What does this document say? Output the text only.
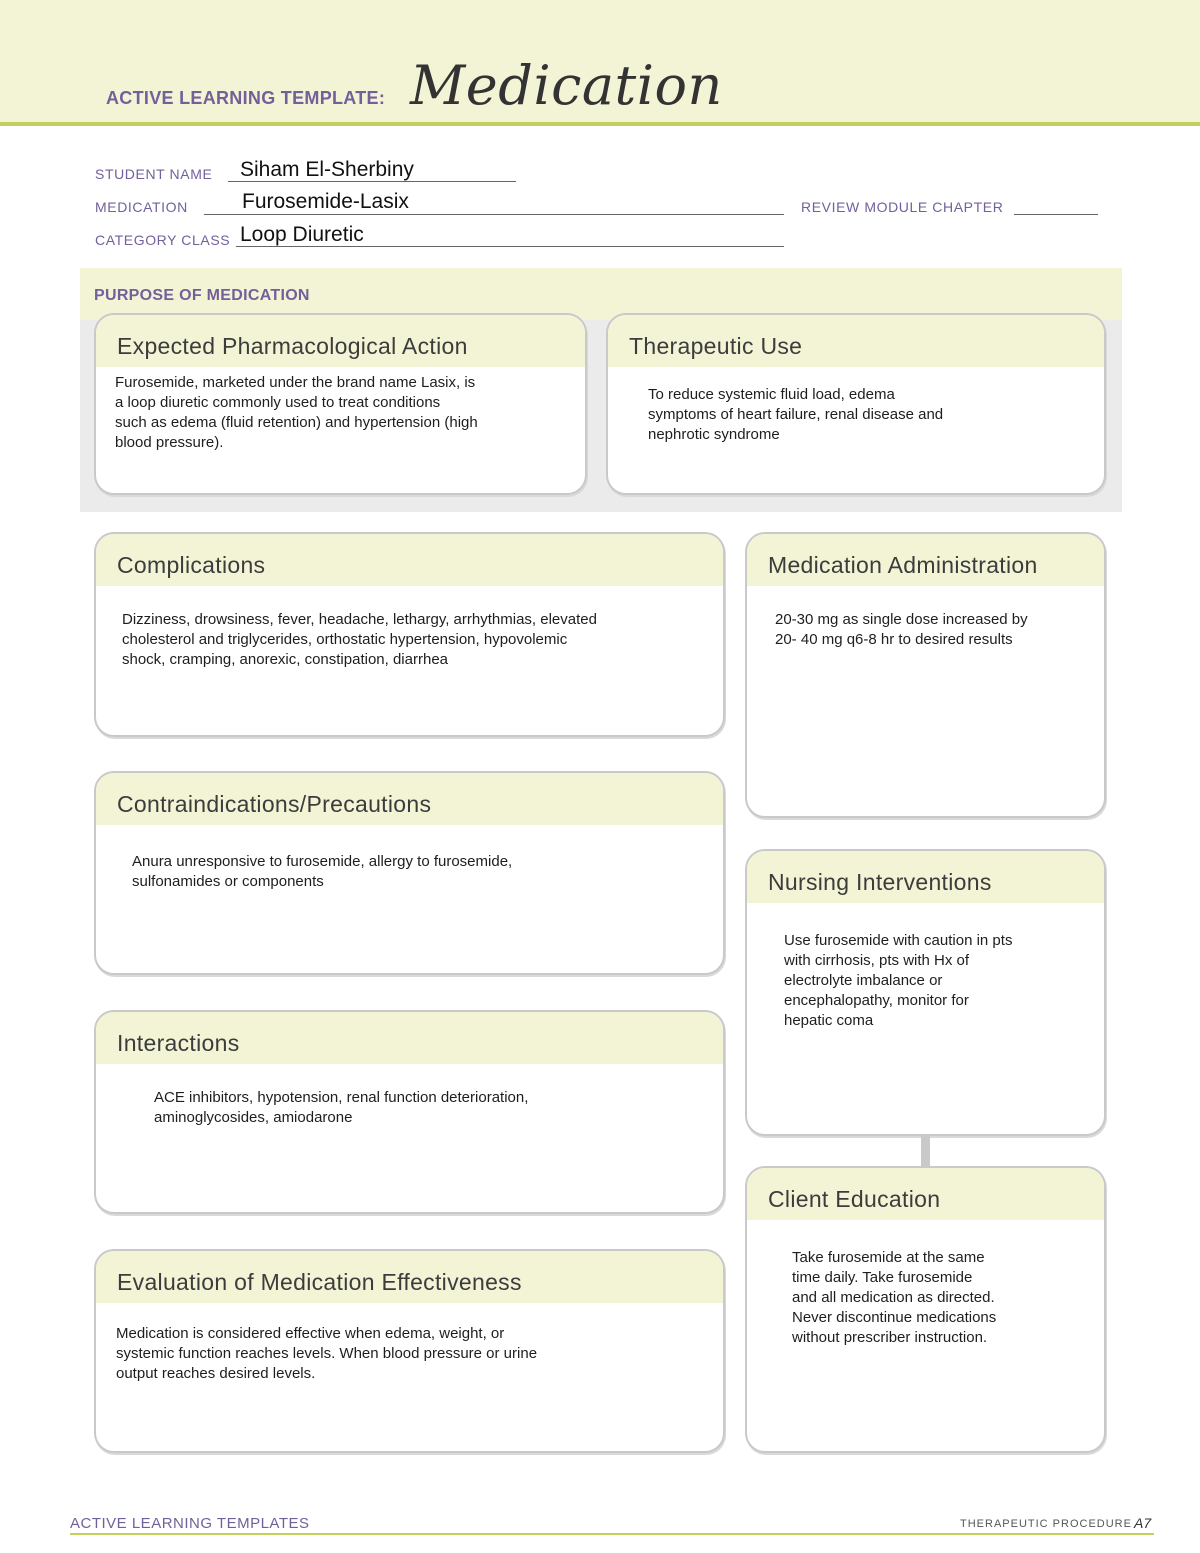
ACTIVE LEARNING TEMPLATE: Medication
STUDENT NAME Siham El-Sherbiny
MEDICATION	Furosemide-Lasix	REVIEW MODULE CHAPTER
CATEGORY CLASS Loop Diuretic
PURPOSE OF MEDICATION
Expected Pharmacological Action
Furosemide, marketed under the brand name Lasix, is
a loop diuretic commonly used to treat conditions
such as edema (fluid retention) and hypertension (high
blood pressure).
Therapeutic Use
To reduce systemic fluid load, edema
symptoms of heart failure, renal disease and
nephrotic syndrome
Complications
Dizziness, drowsiness, fever, headache, lethargy, arrhythmias, elevated
cholesterol and triglycerides, orthostatic hypertension, hypovolemic
shock, cramping, anorexic, constipation, diarrhea
Medication Administration
20-30 mg as single dose increased by
20- 40 mg q6-8 hr to desired results
Contraindications/Precautions
Anura unresponsive to furosemide, allergy to furosemide,
sulfonamides or components	Nursing Interventions
Use furosemide with caution in pts
with cirrhosis, pts with Hx of
electrolyte imbalance or
encephalopathy, monitor for
hepatic coma
Interactions
ACE inhibitors, hypotension, renal function deterioration,
aminoglycosides, amiodarone
Client Education
Take furosemide at the same
time daily. Take furosemide
and all medication as directed.
Never discontinue medications
without prescriber instruction.
Evaluation of Medication Effectiveness
Medication is considered effective when edema, weight, or
systemic function reaches levels. When blood pressure or urine
output reaches desired levels.
ACTIVE LEARNING TEMPLATES	THERAPEUTIC PROCEDURE A7
